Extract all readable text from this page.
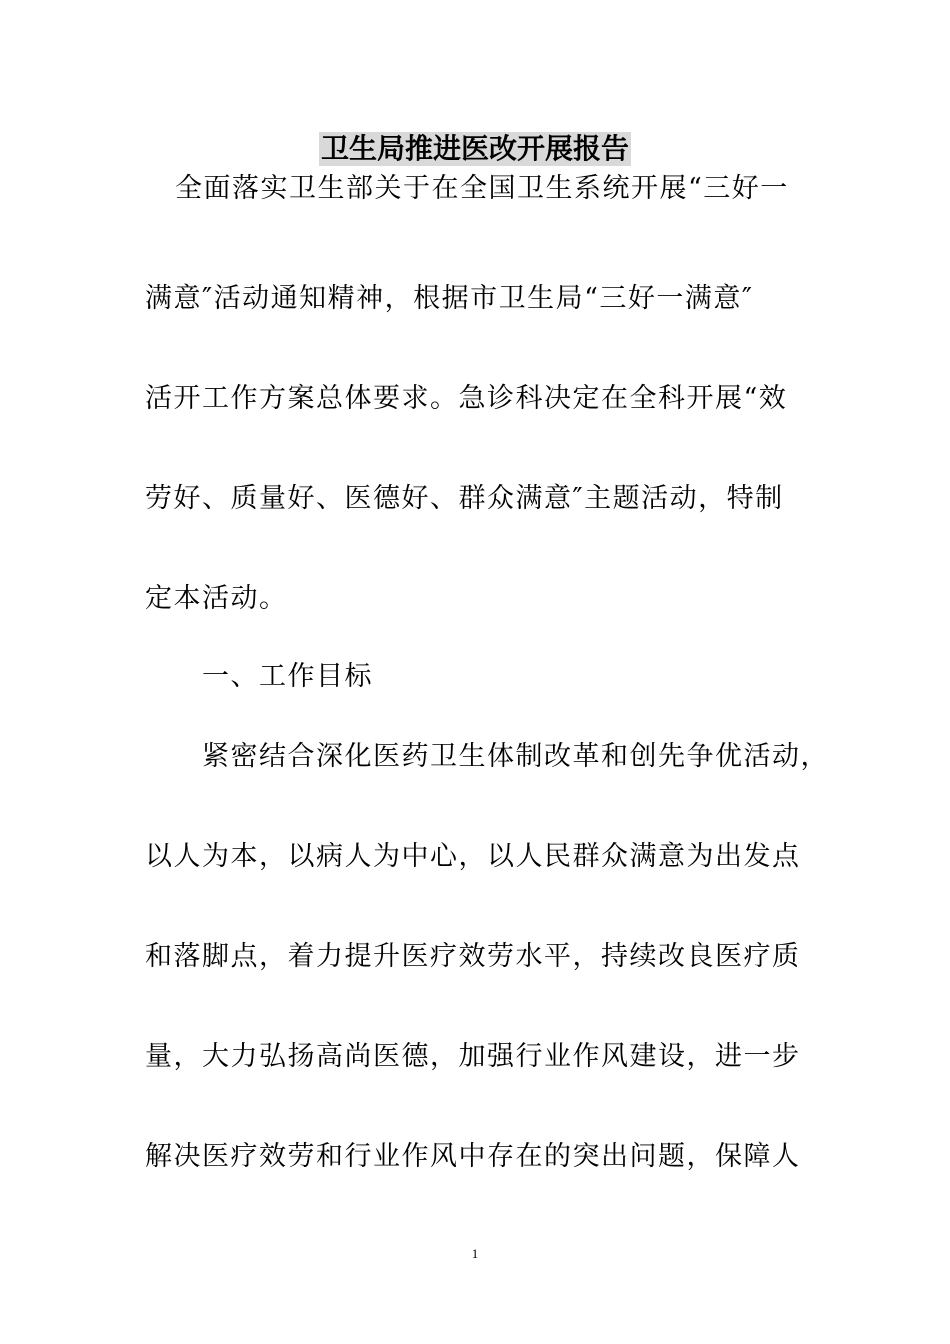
卫生局推进医改开展报告
全面落实卫生部关于在全国卫生系统开展“三好一
满意″活动通知精神，根据市卫生局“三好一满意″
活开工作方案总体要求。急诊科决定在全科开展“效
劳好、质量好、医德好、群众满意″主题活动，特制
定本活动。
一、工作目标
紧密结合深化医药卫生体制改革和创先争优活动，
以人为本，以病人为中心，以人民群众满意为出发点
和落脚点，着力提升医疗效劳水平，持续改良医疗质
量，大力弘扬高尚医德，加强行业作风建设，进一步
解决医疗效劳和行业作风中存在的突出问题，保障人
1
